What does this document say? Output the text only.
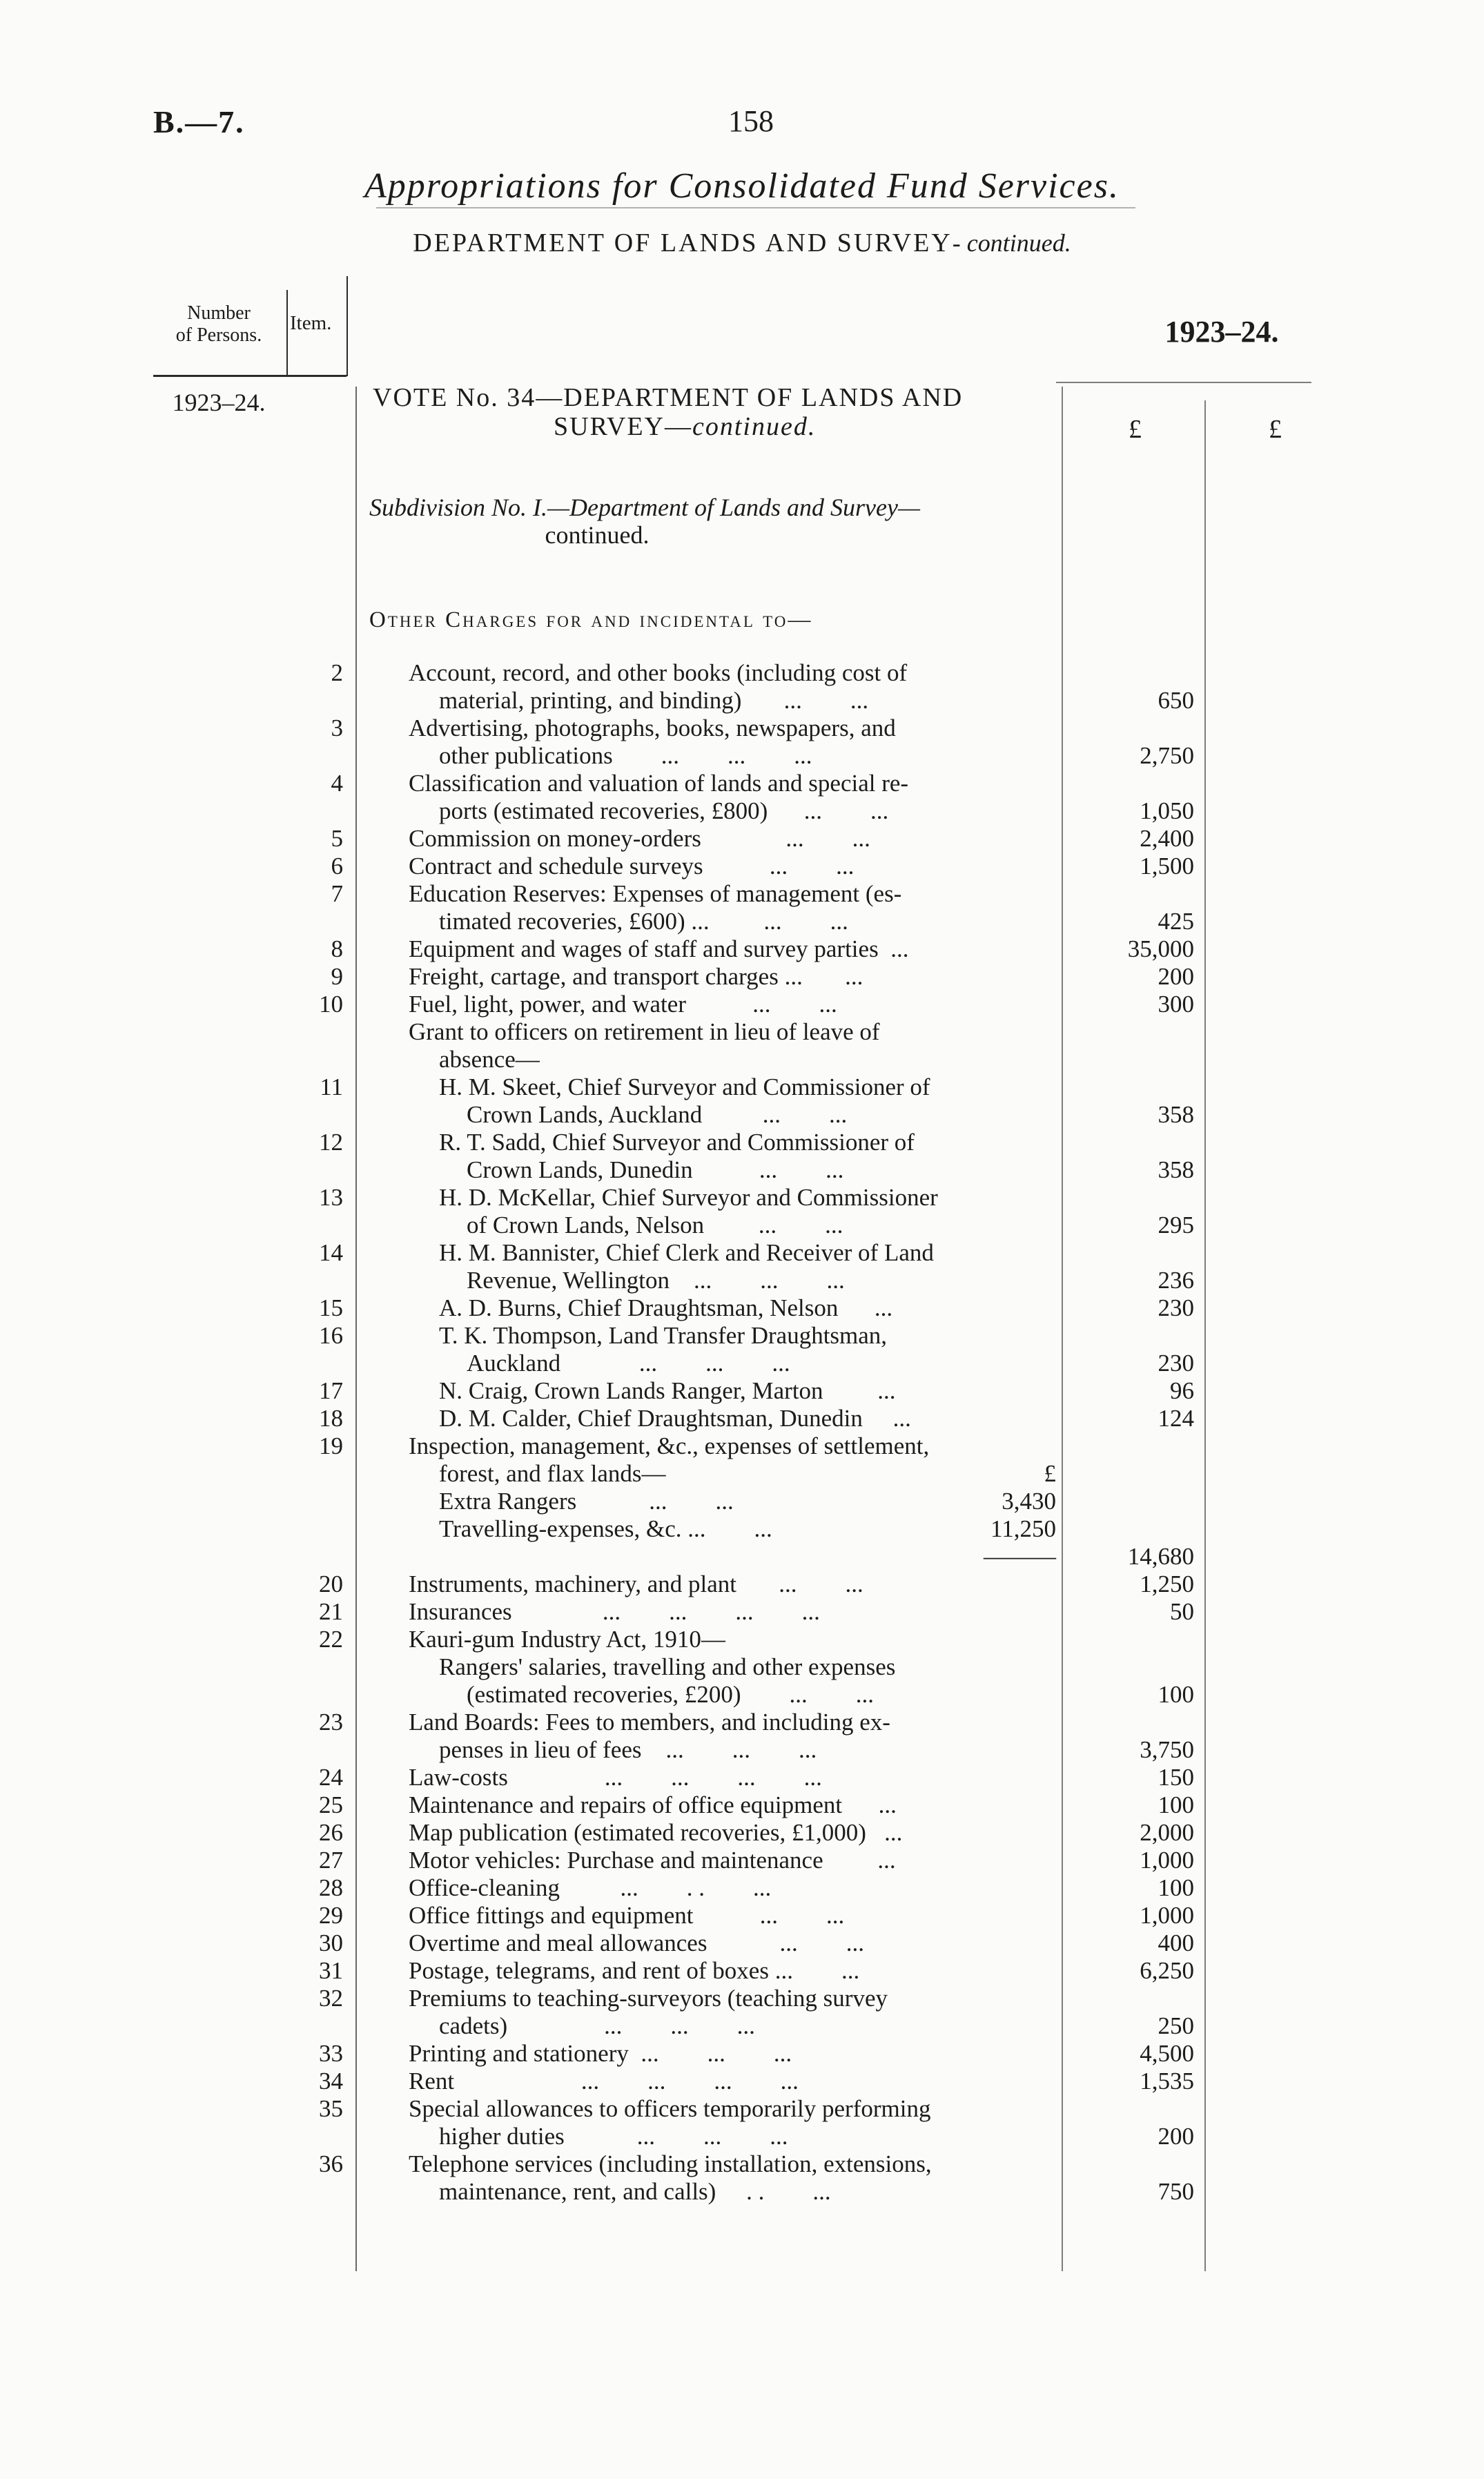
B.—7.	158
Appropriations for Consolidated Fund Services.
DEPARTMENT OF LANDS AND SURVEY- continued.
Number
of Persons.
Item.	1923–24.
1923–24.	VOTE No. 34—DEPARTMENT OF LANDS AND
SURVEY—continued.	£	£
Subdivision No. I.—Department of Lands and Survey—
continued.
Other Charges for and incidental to—
2	Account, record, and other books (including cost of
material, printing, and binding)       ...        ...	650
3	Advertising, photographs, books, newspapers, and
other publications        ...        ...        ...	2,750
4	Classification and valuation of lands and special re-
ports (estimated recoveries, £800)      ...        ...	1,050
5	Commission on money-orders              ...        ...	2,400
6	Contract and schedule surveys           ...        ...	1,500
7	Education Reserves: Expenses of management (es-
timated recoveries, £600) ...         ...        ...	425
8	Equipment and wages of staff and survey parties  ...	35,000
9	Freight, cartage, and transport charges ...       ...	200
10	Fuel, light, power, and water           ...        ...	300
Grant to officers on retirement in lieu of leave of
absence—
11	H. M. Skeet, Chief Surveyor and Commissioner of
Crown Lands, Auckland          ...        ...	358
12	R. T. Sadd, Chief Surveyor and Commissioner of
Crown Lands, Dunedin           ...        ...	358
13	H. D. McKellar, Chief Surveyor and Commissioner
of Crown Lands, Nelson         ...        ...	295
14	H. M. Bannister, Chief Clerk and Receiver of Land
Revenue, Wellington    ...        ...        ...	236
15	A. D. Burns, Chief Draughtsman, Nelson      ...	230
16	T. K. Thompson, Land Transfer Draughtsman,
Auckland             ...        ...        ...	230
17	N. Craig, Crown Lands Ranger, Marton         ...	96
18	D. M. Calder, Chief Draughtsman, Dunedin     ...	124
19	Inspection, management, &c., expenses of settlement,
forest, and flax lands—	£
Extra Rangers            ...        ...	3,430
Travelling-expenses, &c. ...        ...	11,250
———	14,680
20	Instruments, machinery, and plant       ...        ...	1,250
21	Insurances               ...        ...        ...        ...	50
22	Kauri-gum Industry Act, 1910—
Rangers' salaries, travelling and other expenses
(estimated recoveries, £200)        ...        ...	100
23	Land Boards: Fees to members, and including ex-
penses in lieu of fees    ...        ...        ...	3,750
24	Law-costs                ...        ...        ...        ...	150
25	Maintenance and repairs of office equipment      ...	100
26	Map publication (estimated recoveries, £1,000)   ...	2,000
27	Motor vehicles: Purchase and maintenance         ...	1,000
28	Office-cleaning          ...        . .        ...	100
29	Office fittings and equipment           ...        ...	1,000
30	Overtime and meal allowances            ...        ...	400
31	Postage, telegrams, and rent of boxes ...        ...	6,250
32	Premiums to teaching-surveyors (teaching survey
cadets)                ...        ...        ...	250
33	Printing and stationery  ...        ...        ...	4,500
34	Rent                     ...        ...        ...        ...	1,535
35	Special allowances to officers temporarily performing
higher duties            ...        ...        ...	200
36	Telephone services (including installation, extensions,
maintenance, rent, and calls)     . .        ...	750
